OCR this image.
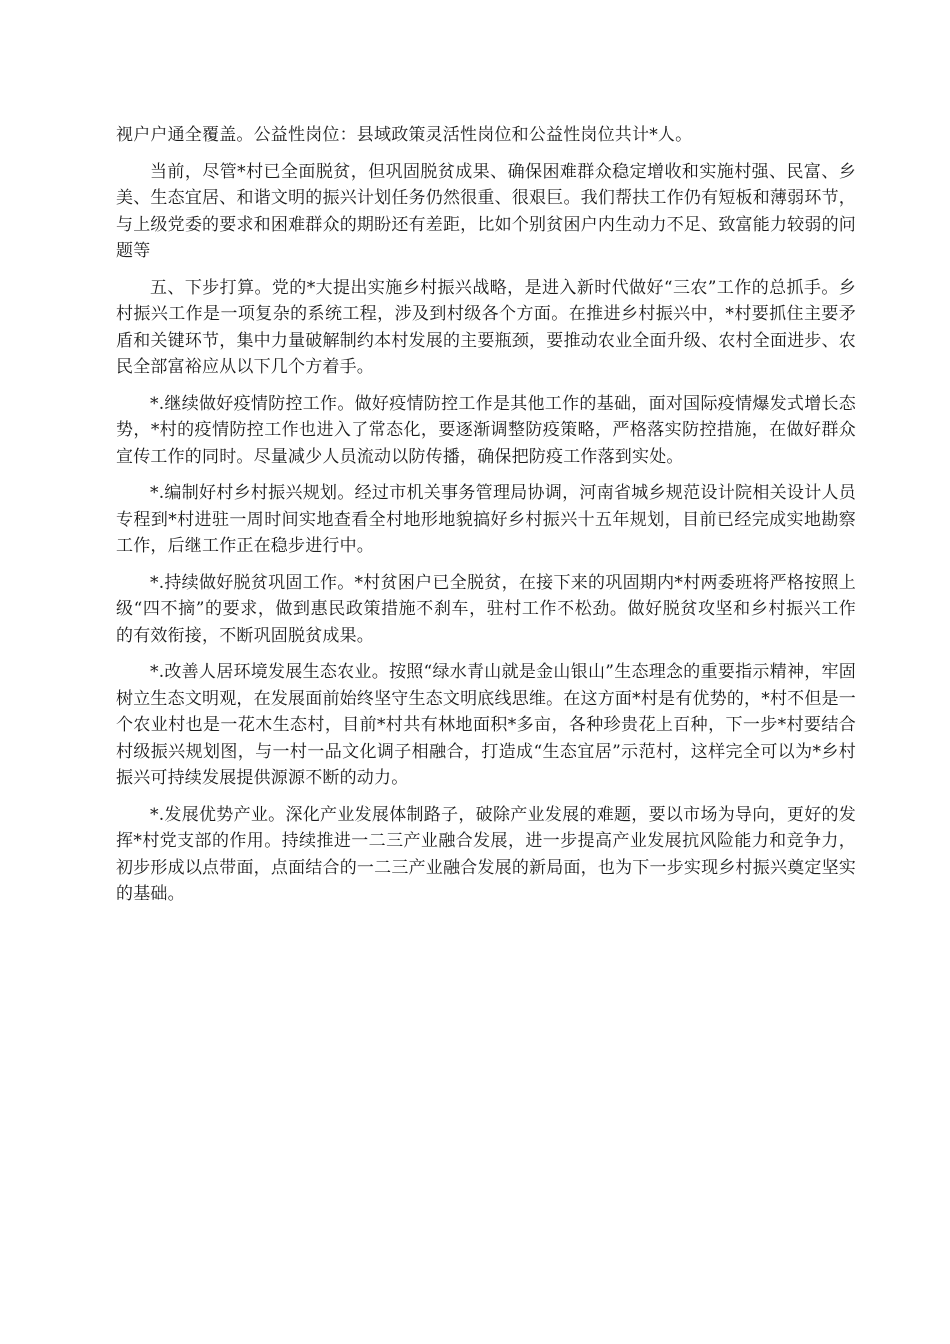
视户户通全覆盖。公益性岗位：县域政策灵活性岗位和公益性岗位共计*人。

当前，尽管*村已全面脱贫，但巩固脱贫成果、确保困难群众稳定增收和实施村强、民富、乡美、生态宜居、和谐文明的振兴计划任务仍然很重、很艰巨。我们帮扶工作仍有短板和薄弱环节，与上级党委的要求和困难群众的期盼还有差距，比如个别贫困户内生动力不足、致富能力较弱的问题等

五、下步打算。党的*大提出实施乡村振兴战略，是进入新时代做好“三农”工作的总抓手。乡村振兴工作是一项复杂的系统工程，涉及到村级各个方面。在推进乡村振兴中，*村要抓住主要矛盾和关键环节，集中力量破解制约本村发展的主要瓶颈，要推动农业全面升级、农村全面进步、农民全部富裕应从以下几个方着手。

*.继续做好疫情防控工作。做好疫情防控工作是其他工作的基础，面对国际疫情爆发式增长态势，*村的疫情防控工作也进入了常态化，要逐渐调整防疫策略，严格落实防控措施，在做好群众宣传工作的同时。尽量减少人员流动以防传播，确保把防疫工作落到实处。

*.编制好村乡村振兴规划。经过市机关事务管理局协调，河南省城乡规范设计院相关设计人员专程到*村进驻一周时间实地查看全村地形地貌搞好乡村振兴十五年规划，目前已经完成实地勘察工作，后继工作正在稳步进行中。

*.持续做好脱贫巩固工作。*村贫困户已全脱贫，在接下来的巩固期内*村两委班将严格按照上级“四不摘”的要求，做到惠民政策措施不刹车，驻村工作不松劲。做好脱贫攻坚和乡村振兴工作的有效衔接，不断巩固脱贫成果。

*.改善人居环境发展生态农业。按照“绿水青山就是金山银山”生态理念的重要指示精神，牢固树立生态文明观，在发展面前始终坚守生态文明底线思维。在这方面*村是有优势的，*村不但是一个农业村也是一花木生态村，目前*村共有林地面积*多亩，各种珍贵花上百种，下一步*村要结合村级振兴规划图，与一村一品文化调子相融合，打造成“生态宜居”示范村，这样完全可以为*乡村振兴可持续发展提供源源不断的动力。

*.发展优势产业。深化产业发展体制路子，破除产业发展的难题，要以市场为导向，更好的发挥*村党支部的作用。持续推进一二三产业融合发展，进一步提高产业发展抗风险能力和竞争力，初步形成以点带面，点面结合的一二三产业融合发展的新局面，也为下一步实现乡村振兴奠定坚实的基础。
